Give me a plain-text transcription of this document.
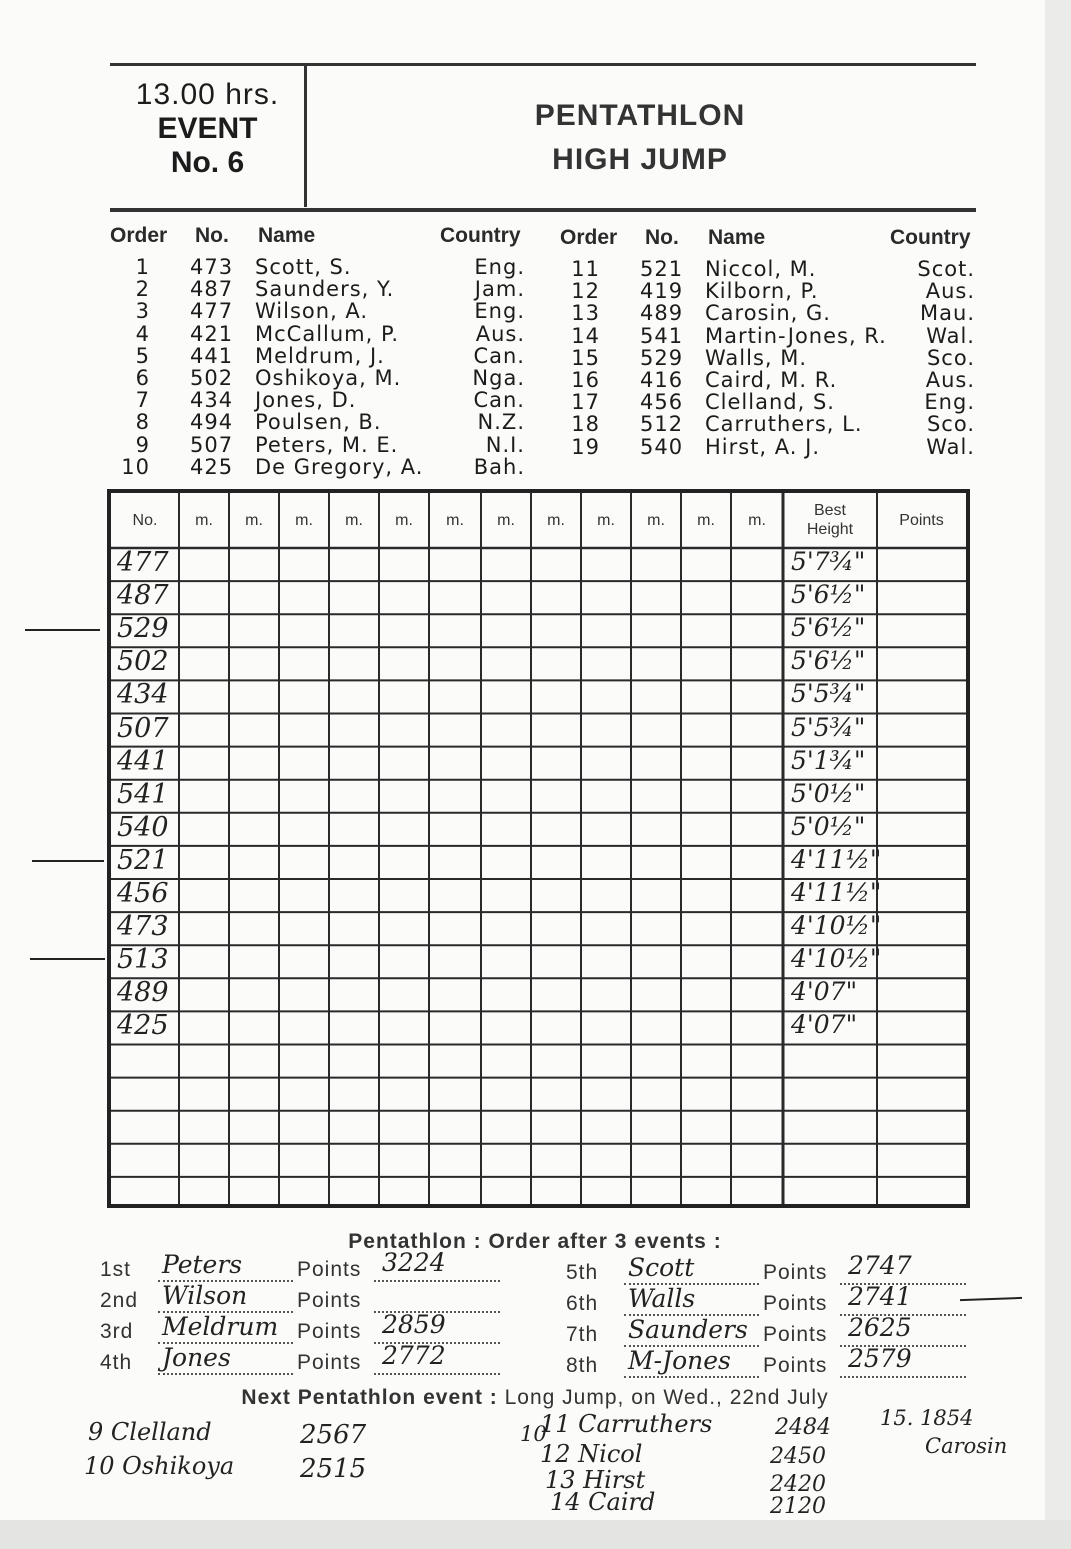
13.00 hrs.
EVENT
No. 6
PENTATHLON
HIGH JUMP
Order No. Name	Country
1 473 Scott, S.	Eng.
2 487 Saunders, Y.	Jam.
3 477 Wilson, A.	Eng.
4 421 McCallum, P.	Aus.
5 441 Meldrum, J.	Can.
6 502 Oshikoya, M.	Nga.
7 434 Jones, D.	Can.
8 494 Poulsen, B.	N.Z.
9 507 Peters, M. E.	N.I.
10 425 De Gregory, A.	Bah.
Order No. Name	Country
11 521 Niccol, M.	Scot.
12 419 Kilborn, P.	Aus.
13 489 Carosin, G.	Mau.
14 541 Martin-Jones, R.	Wal.
15 529 Walls, M.	Sco.
16 416 Caird, M. R.	Aus.
17 456 Clelland, S.	Eng.
18 512 Carruthers, L.	Sco.
19 540 Hirst, A. J.	Wal.
No.	m.	m.	m.	m.	m.	m.	m.	m.	m.	m.	m.	m.
Best
Height
Points
477	5'7¾"
487	5'6½"
529	5'6½"
502	5'6½"
434	5'5¾"
507	5'5¾"
441	5'1¾"
541	5'0½"
540	5'0½"
521	4'11½"
456	4'11½"
473	4'10½"
513	4'10½"
489	4'07"
425	4'07"
Pentathlon : Order after 3 events :
1st Peters	Points 3224
2nd Wilson Points
3rd Meldrum Points 2859
4th Jones	Points 2772
5th Scott	Points 2747
6th Walls	Points 2741
7th Saunders Points 2625
8th M-Jones Points 2579
Next Pentathlon event : Long Jump, on Wed., 22nd July
9 Clelland	2567
10 Oshikoya	2515
11 Carruthers	2484
12 Nicol	2450
13 Hirst	2420
14 Caird	2120
10
15. 1854
Carosin
